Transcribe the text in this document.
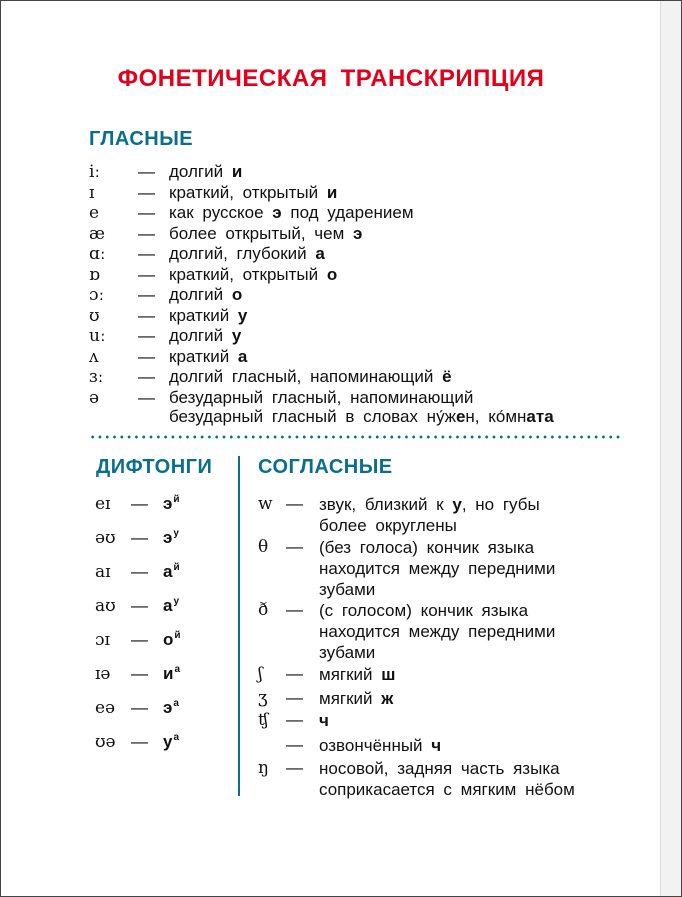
ФОНЕТИЧЕСКАЯ ТРАНСКРИПЦИЯ
ГЛАСНЫЕ
iː — долгий и
ɪ	— краткий, открытый и
e — как русское э под ударением
æ — более открытый, чем э
ɑː — долгий, глубокий а
ɒ — краткий, открытый о
ɔː — долгий о
ʊ — краткий у
uː — долгий у
ʌ — краткий а
ɜː — долгий гласный, напоминающий ё
ə — безударный гласный, напоминающий
безударный гласный в словах ну́жен, ко́мната
ДИФТОНГИ
eɪ — $э^й$
əʊ — $э^у$
aɪ — $а^й$
aʊ — $а^у$
ɔɪ — $о^й$
ɪə — $и^а$
eə — $э^а$
ʊə — $у^а$
СОГЛАСНЫЕ
w — звук, близкий к у, но губы
более округлены
θ — (без голоса) кончик языка
находится между передними
зубами
ð — (с голосом) кончик языка
находится между передними
зубами
ʃ — мягкий ш
ʒ — мягкий ж
ʧ — ч
— озвончённый ч
ŋ — носовой, задняя часть языка
соприкасается с мягким нёбом
